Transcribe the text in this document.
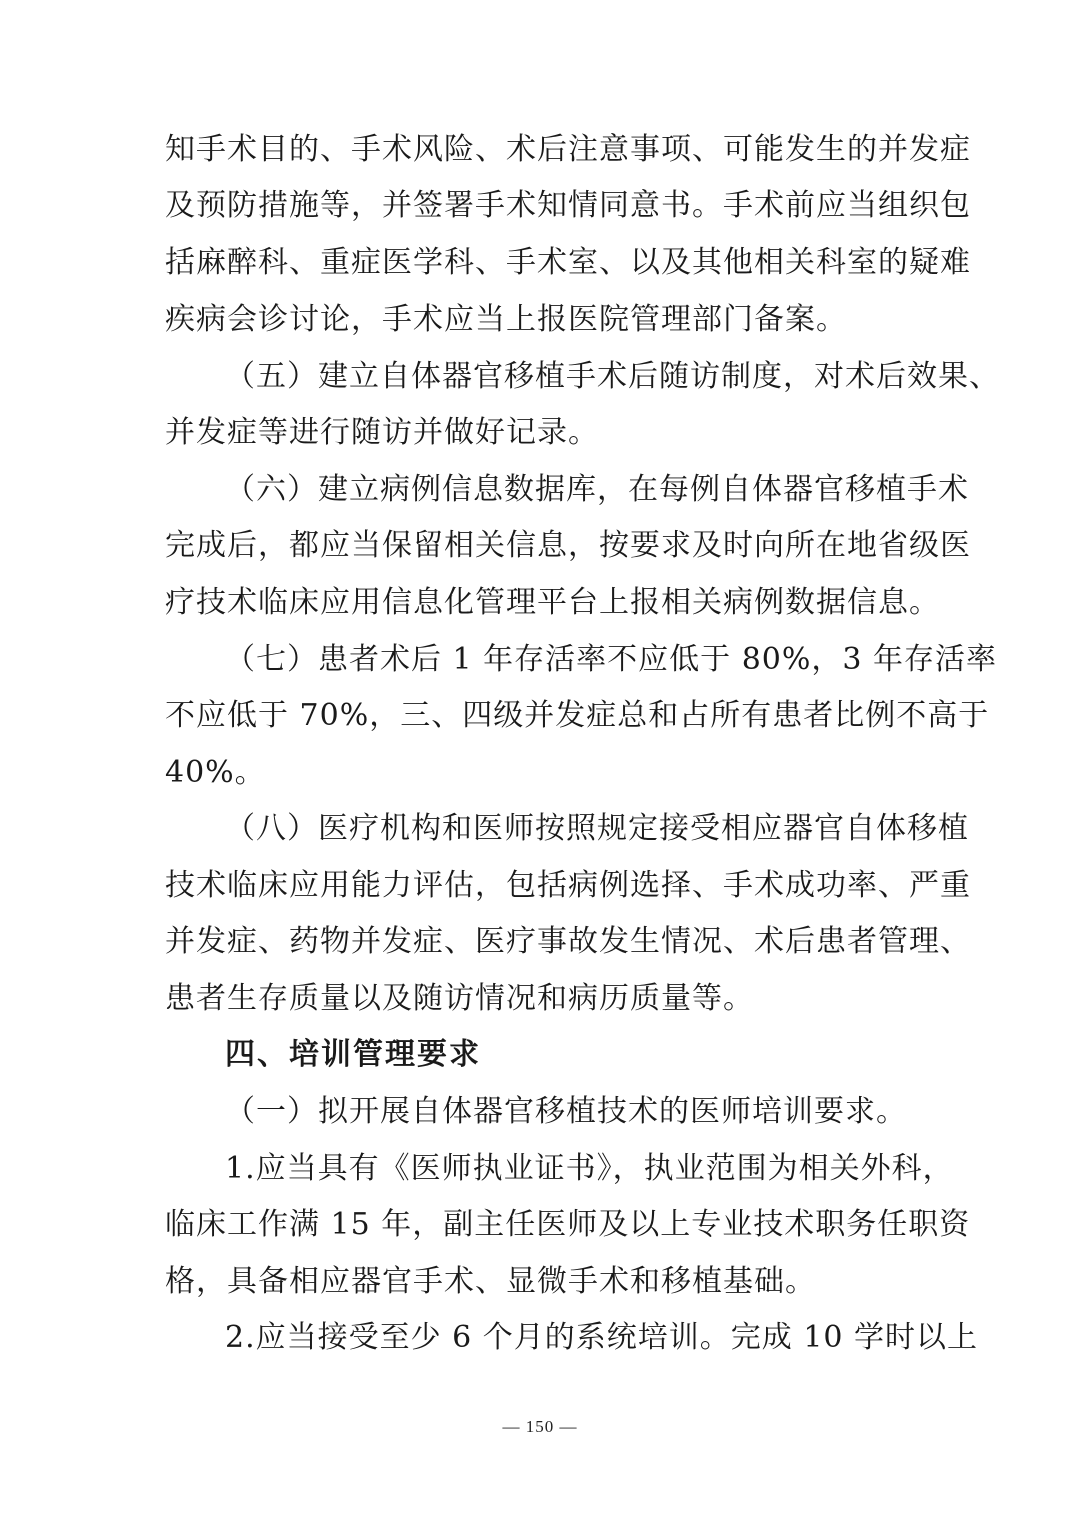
知手术目的、手术风险、术后注意事项、可能发生的并发症
及预防措施等，并签署手术知情同意书。手术前应当组织包
括麻醉科、重症医学科、手术室、以及其他相关科室的疑难
疾病会诊讨论，手术应当上报医院管理部门备案。
（五）建立自体器官移植手术后随访制度，对术后效果、
并发症等进行随访并做好记录。
（六）建立病例信息数据库，在每例自体器官移植手术
完成后，都应当保留相关信息，按要求及时向所在地省级医
疗技术临床应用信息化管理平台上报相关病例数据信息。
（七）患者术后 1 年存活率不应低于 80%，3 年存活率
不应低于 70%，三、四级并发症总和占所有患者比例不高于
40%。
（八）医疗机构和医师按照规定接受相应器官自体移植
技术临床应用能力评估，包括病例选择、手术成功率、严重
并发症、药物并发症、医疗事故发生情况、术后患者管理、
患者生存质量以及随访情况和病历质量等。
四、培训管理要求
（一）拟开展自体器官移植技术的医师培训要求。
1.应当具有《医师执业证书》，执业范围为相关外科，
临床工作满 15 年，副主任医师及以上专业技术职务任职资
格，具备相应器官手术、显微手术和移植基础。
2.应当接受至少 6 个月的系统培训。完成 10 学时以上
— 150 —
